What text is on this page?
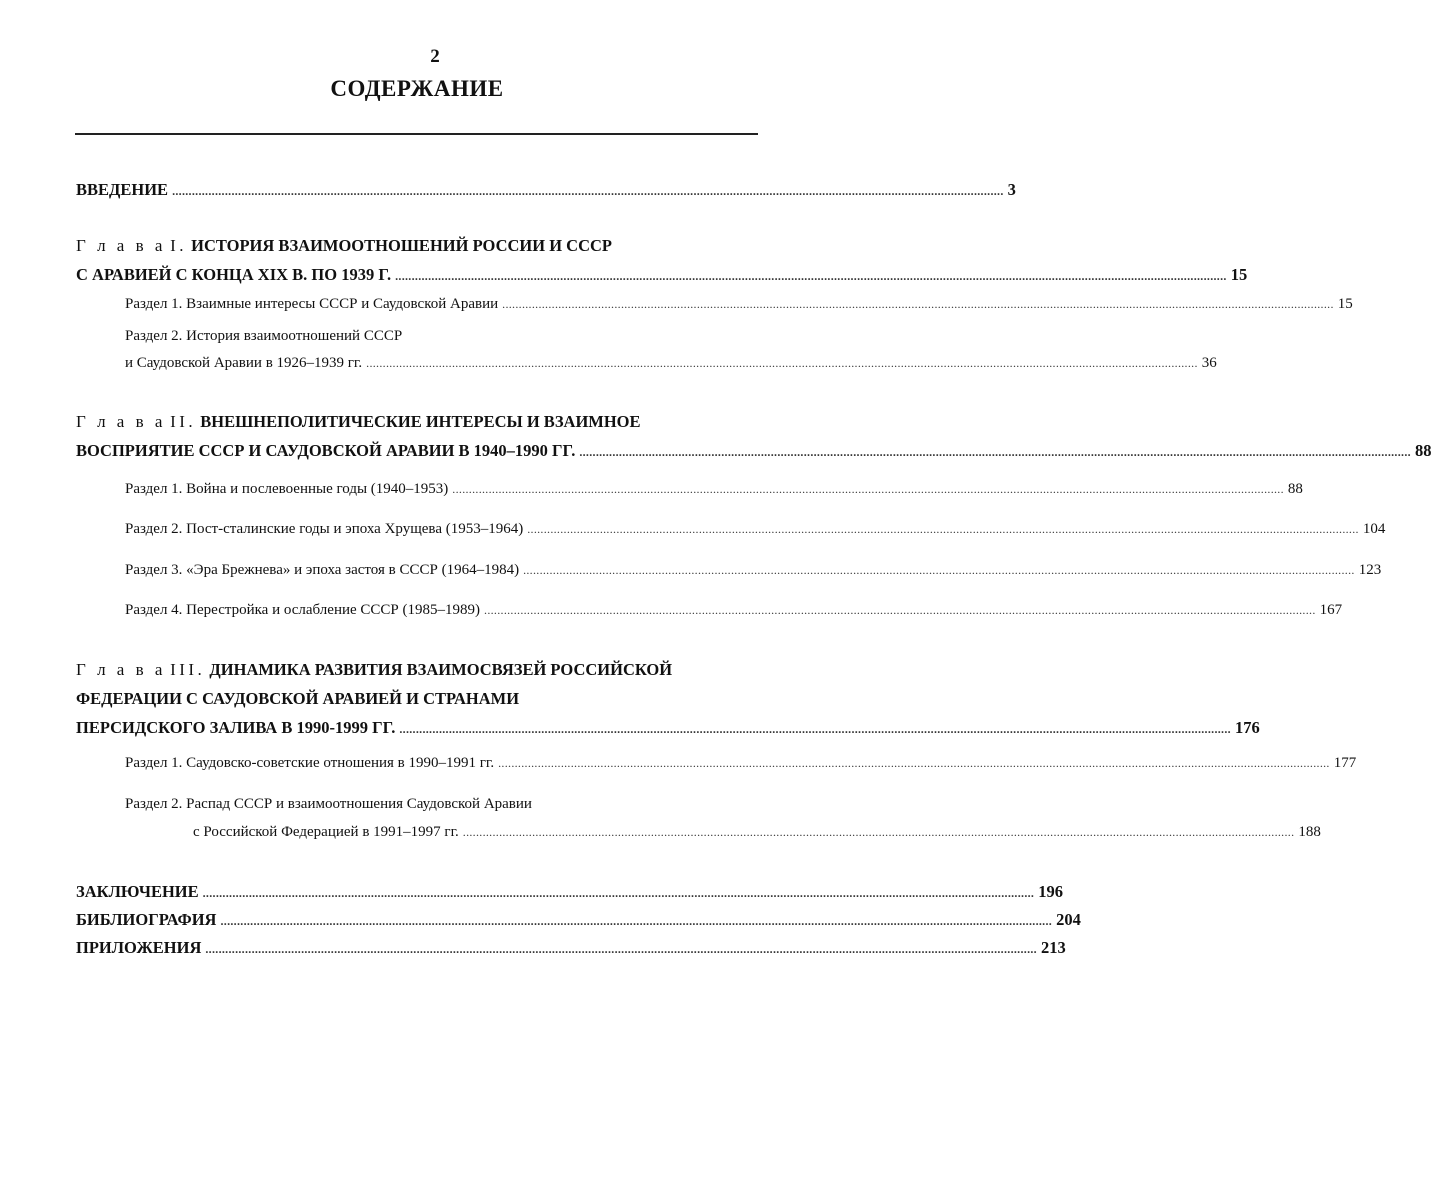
2
СОДЕРЖАНИЕ
ВВЕДЕНИЕ ............................................................................................................................................................................................................................................................ 3
Г л а в а
I.
ИСТОРИЯ ВЗАИМООТНОШЕНИЙ РОССИИ И СССР
С АРАВИЕЙ С КОНЦА XIX В. ПО 1939 Г. ............................................................................................................................................................................................................................................................ 15
Раздел 1. Взаимные интересы СССР и Саудовской Аравии ............................................................................................................................................................................................................................................................ 15
Раздел 2. История взаимоотношений СССР
и Саудовской Аравии в 1926–1939 гг. ............................................................................................................................................................................................................................................................ 36
Г л а в а
II.
ВНЕШНЕПОЛИТИЧЕСКИЕ ИНТЕРЕСЫ И ВЗАИМНОЕ
ВОСПРИЯТИЕ СССР И САУДОВСКОЙ АРАВИИ В 1940–1990 ГГ. ............................................................................................................................................................................................................................................................ 88
Раздел 1. Война и послевоенные годы (1940–1953) ............................................................................................................................................................................................................................................................ 88
Раздел 2. Пост-сталинские годы и эпоха Хрущева (1953–1964) ............................................................................................................................................................................................................................................................ 104
Раздел 3. «Эра Брежнева» и эпоха застоя в СССР (1964–1984) ............................................................................................................................................................................................................................................................ 123
Раздел 4. Перестройка и ослабление СССР (1985–1989) ............................................................................................................................................................................................................................................................ 167
Г л а в а
III.
ДИНАМИКА РАЗВИТИЯ ВЗАИМОСВЯЗЕЙ РОССИЙСКОЙ
ФЕДЕРАЦИИ С САУДОВСКОЙ АРАВИЕЙ И СТРАНАМИ
ПЕРСИДСКОГО ЗАЛИВА В 1990-1999 ГГ. ............................................................................................................................................................................................................................................................ 176
Раздел 1. Саудовско-советские отношения в 1990–1991 гг. ............................................................................................................................................................................................................................................................ 177
Раздел 2. Распад СССР и взаимоотношения Саудовской Аравии
с Российской Федерацией в 1991–1997 гг. ............................................................................................................................................................................................................................................................ 188
ЗАКЛЮЧЕНИЕ ............................................................................................................................................................................................................................................................ 196
БИБЛИОГРАФИЯ ............................................................................................................................................................................................................................................................ 204
ПРИЛОЖЕНИЯ ............................................................................................................................................................................................................................................................ 213
